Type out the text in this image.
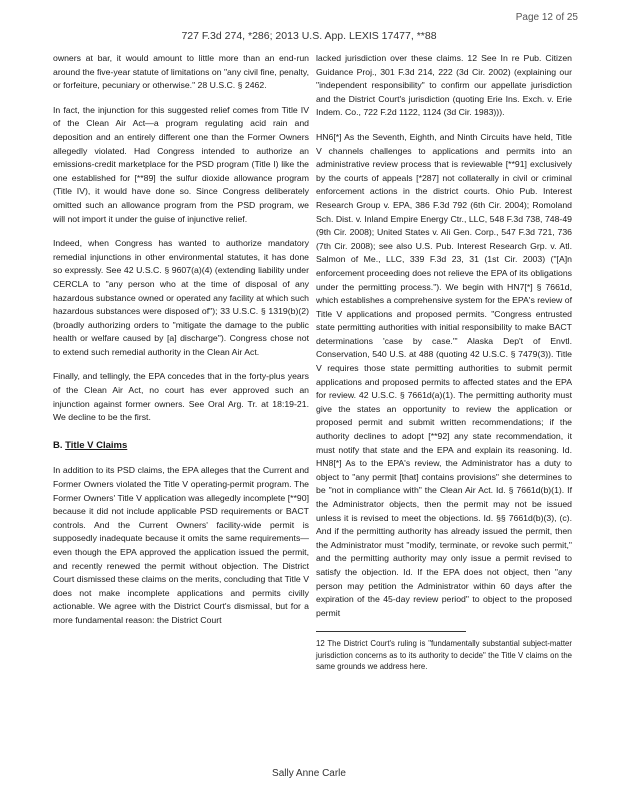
Page 12 of 25
727 F.3d 274, *286; 2013 U.S. App. LEXIS 17477, **88

owners at bar, it would amount to little more than an end-run around the five-year statute of limitations on "any civil fine, penalty, or forfeiture, pecuniary or otherwise." 28 U.S.C. § 2462.

In fact, the injunction for this suggested relief comes from Title IV of the Clean Air Act—a program regulating acid rain and deposition and an entirely different one than the Former Owners allegedly violated. Had Congress intended to authorize an emissions-credit marketplace for the PSD program (Title I) like the one established for [**89] the sulfur dioxide allowance program (Title IV), it would have done so. Since Congress deliberately omitted such an allowance program from the PSD program, we will not import it under the guise of injunctive relief.

Indeed, when Congress has wanted to authorize mandatory remedial injunctions in other environmental statutes, it has done so expressly. See 42 U.S.C. § 9607(a)(4) (extending liability under CERCLA to "any person who at the time of disposal of any hazardous substance owned or operated any facility at which such hazardous substances were disposed of"); 33 U.S.C. § 1319(b)(2) (broadly authorizing orders to "mitigate the damage to the public health or welfare caused by [a] discharge"). Congress chose not to extend such remedial authority in the Clean Air Act.

Finally, and tellingly, the EPA concedes that in the forty-plus years of the Clean Air Act, no court has ever approved such an injunction against former owners. See Oral Arg. Tr. at 18:19-21. We decline to be the first.

B. Title V Claims

In addition to its PSD claims, the EPA alleges that the Current and Former Owners violated the Title V operating-permit program. The Former Owners' Title V application was allegedly incomplete [**90] because it did not include applicable PSD requirements or BACT controls. And the Current Owners' facility-wide permit is supposedly inadequate because it omits the same requirements—even though the EPA approved the application issued the permit, and recently renewed the permit without objection. The District Court dismissed these claims on the merits, concluding that Title V does not make incomplete applications and permits civilly actionable. We agree with the District Court's dismissal, but for a more fundamental reason: the District Court

lacked jurisdiction over these claims. 12 See In re Pub. Citizen Guidance Proj., 301 F.3d 214, 222 (3d Cir. 2002) (explaining our "independent responsibility" to confirm our appellate jurisdiction and the District Court's jurisdiction (quoting Erie Ins. Exch. v. Erie Indem. Co., 722 F.2d 1122, 1124 (3d Cir. 1983))).

HN6[*] As the Seventh, Eighth, and Ninth Circuits have held, Title V channels challenges to applications and permits into an administrative review process that is reviewable [**91] exclusively by the courts of appeals [*287] not collaterally in civil or criminal enforcement actions in the district courts. Ohio Pub. Interest Research Group v. EPA, 386 F.3d 792 (6th Cir. 2004); Romoland Sch. Dist. v. Inland Empire Energy Ctr., LLC, 548 F.3d 738, 748-49 (9th Cir. 2008); United States v. Ali Gen. Corp., 547 F.3d 721, 736 (7th Cir. 2008); see also U.S. Pub. Interest Research Grp. v. Atl. Salmon of Me., LLC, 339 F.3d 23, 31 (1st Cir. 2003) ("[A]n enforcement proceeding does not relieve the EPA of its obligations under the permitting process."). We begin with HN7[*] § 7661d, which establishes a comprehensive system for the EPA's review of Title V applications and proposed permits. "Congress entrusted state permitting authorities with initial responsibility to make BACT determinations 'case by case.'" Alaska Dep't of Envtl. Conservation, 540 U.S. at 488 (quoting 42 U.S.C. § 7479(3)). Title V requires those state permitting authorities to submit permit applications and proposed permits to affected states and the EPA for review. 42 U.S.C. § 7661d(a)(1). The permitting authority must give the states an opportunity to review the application or proposed permit and submit written recommendations; if the authority declines to adopt [**92] any state recommendation, it must notify that state and the EPA and explain its reasoning. Id. HN8[*] As to the EPA's review, the Administrator has a duty to object to "any permit [that] contains provisions" she determines to be "not in compliance with" the Clean Air Act. Id. § 7661d(b)(1). If the Administrator objects, then the permit may not be issued unless it is revised to meet the objections. Id. §§ 7661d(b)(3), (c). And if the permitting authority has already issued the permit, then the Administrator must "modify, terminate, or revoke such permit," and the permitting authority may only issue a permit revised to satisfy the objection. Id. If the EPA does not object, then "any person may petition the Administrator within 60 days after the expiration of the 45-day review period" to object to the proposed permit

12 The District Court's ruling is "fundamentally substantial subject-matter jurisdiction concerns as to its authority to decide" the Title V claims on the same grounds we address here.

Sally Anne Carle
